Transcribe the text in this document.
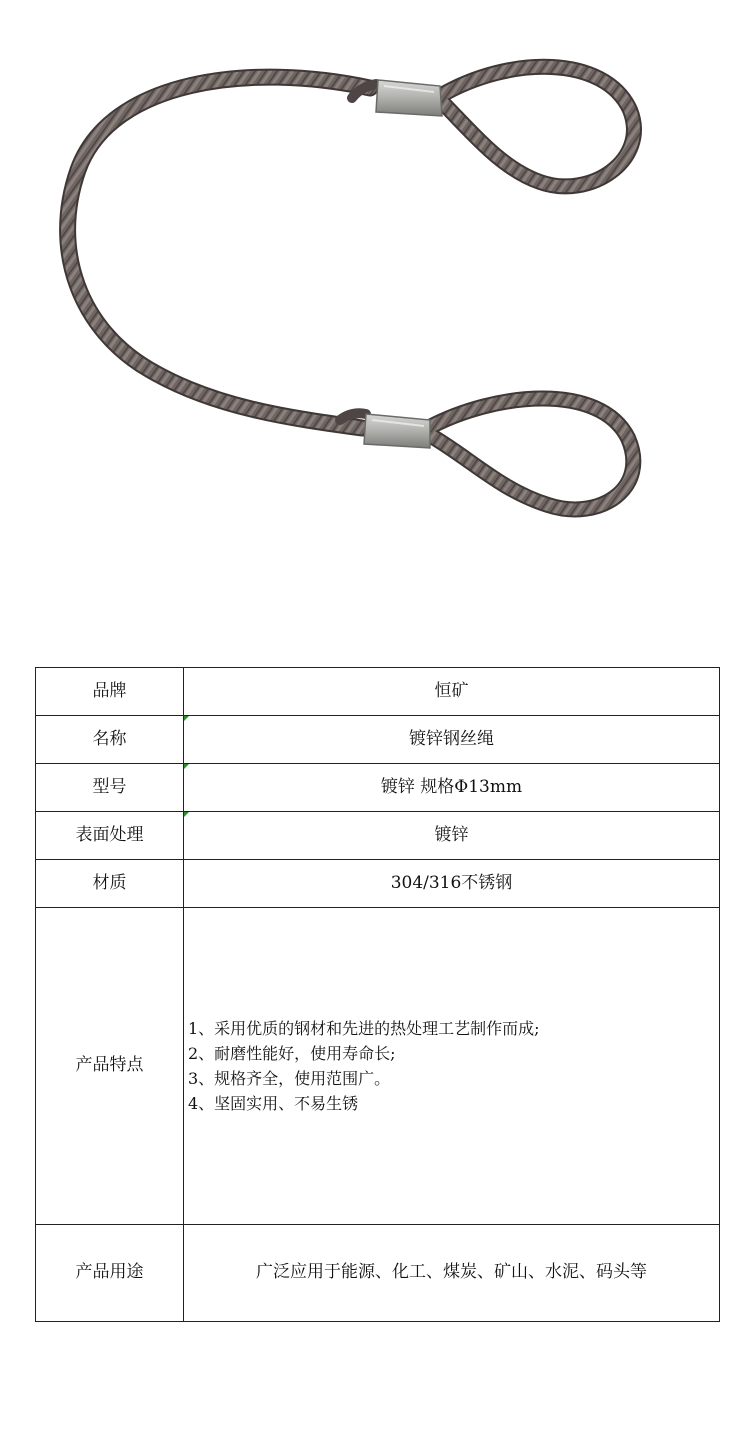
品牌	恒矿
名称	镀锌钢丝绳
型号	镀锌 规格Φ13mm
表面处理	镀锌
材质	304/316不锈钢
产品特点	1、采用优质的钢材和先进的热处理工艺制作而成;
2、耐磨性能好，使用寿命长;
3、规格齐全，使用范围广。
4、坚固实用、不易生锈

产品用途	广泛应用于能源、化工、煤炭、矿山、水泥、码头等
